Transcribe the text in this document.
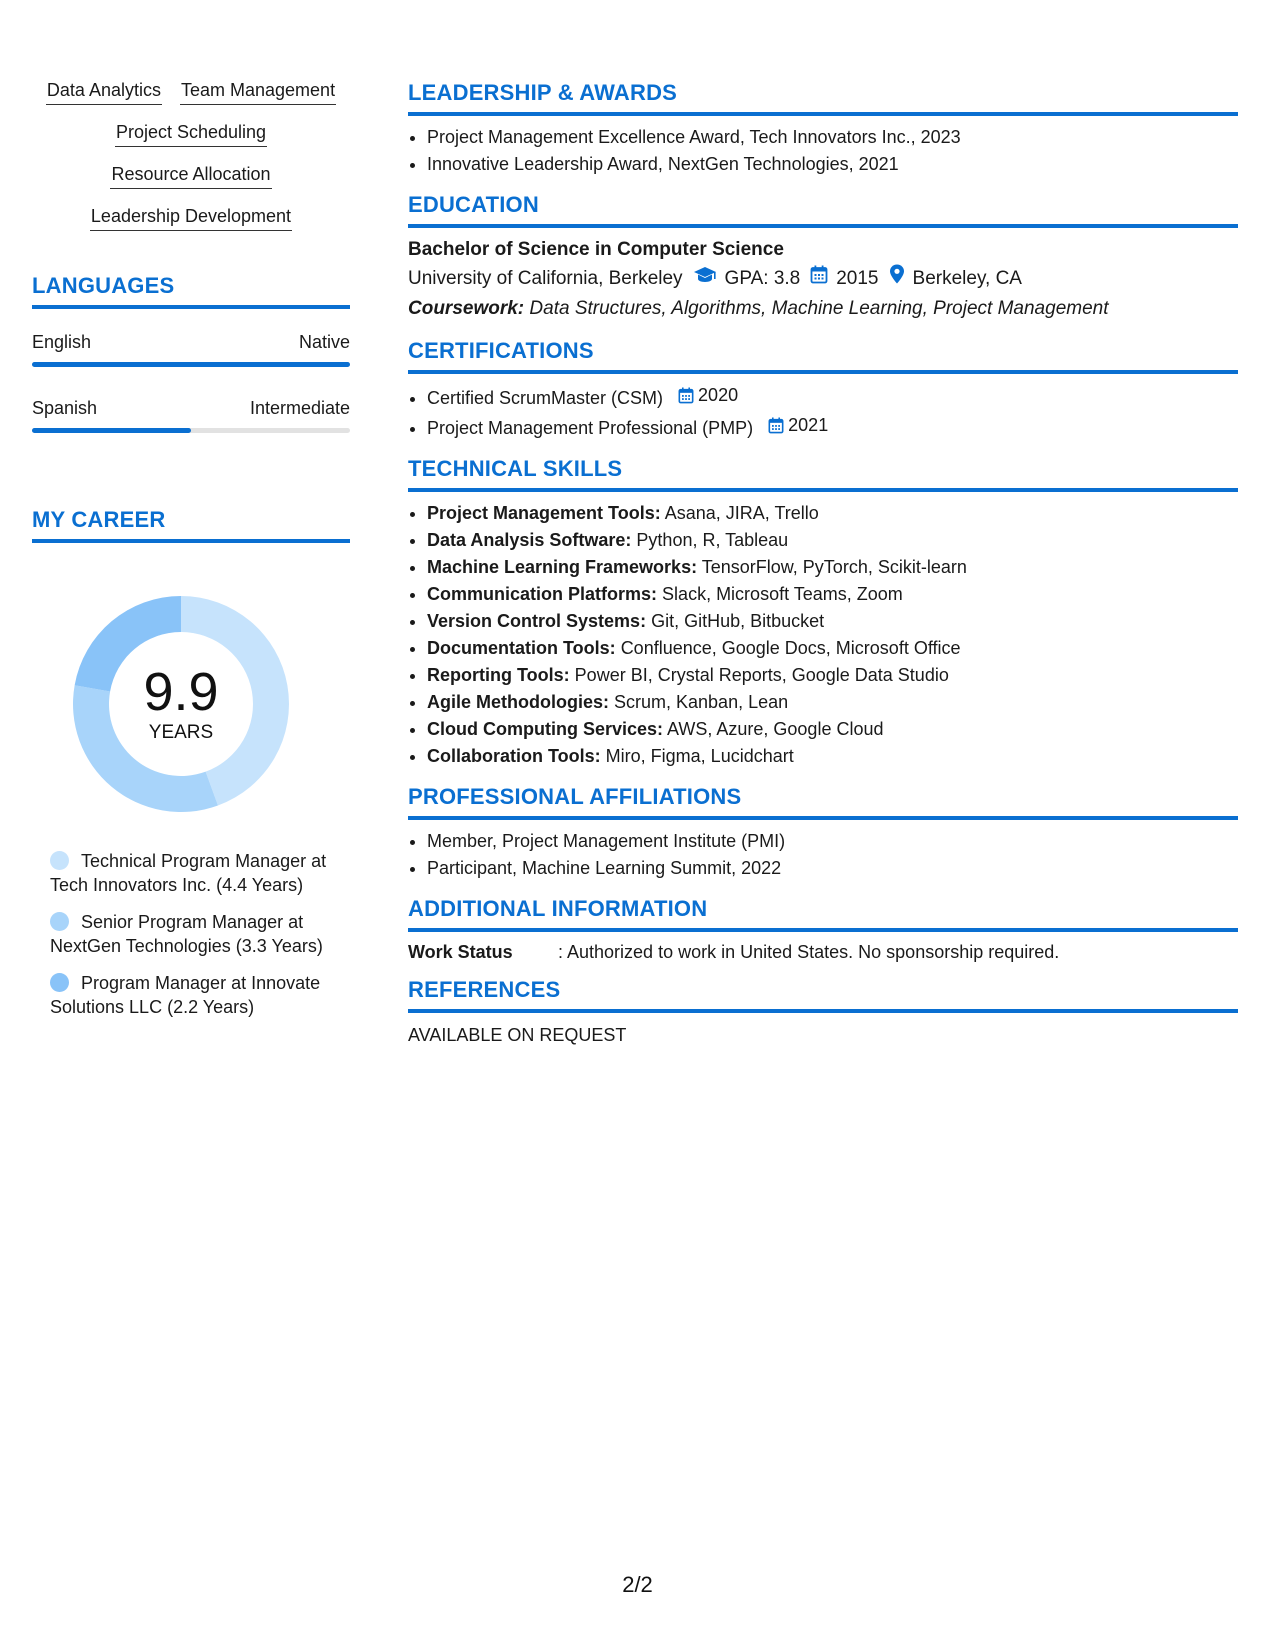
Data Analytics Team Management
Project Scheduling
Resource Allocation
Leadership Development
LANGUAGES
English	Native
Spanish	Intermediate
MY CAREER
9.9
YEARS
Technical Program Manager at Tech Innovators Inc. (4.4 Years)
Senior Program Manager at NextGen Technologies (3.3 Years)
Program Manager at Innovate Solutions LLC (2.2 Years)
LEADERSHIP & AWARDS
• Project Management Excellence Award, Tech Innovators Inc., 2023
• Innovative Leadership Award, NextGen Technologies, 2021
EDUCATION
Bachelor of Science in Computer Science
University of California, Berkeley GPA: 3.8 2015 Berkeley, CA
Coursework: Data Structures, Algorithms, Machine Learning, Project Management
CERTIFICATIONS
• Certified ScrumMaster (CSM) 2020
• Project Management Professional (PMP) 2021
TECHNICAL SKILLS
• Project Management Tools: Asana, JIRA, Trello
• Data Analysis Software: Python, R, Tableau
• Machine Learning Frameworks: TensorFlow, PyTorch, Scikit-learn
• Communication Platforms: Slack, Microsoft Teams, Zoom
• Version Control Systems: Git, GitHub, Bitbucket
• Documentation Tools: Confluence, Google Docs, Microsoft Office
• Reporting Tools: Power BI, Crystal Reports, Google Data Studio
• Agile Methodologies: Scrum, Kanban, Lean
• Cloud Computing Services: AWS, Azure, Google Cloud
• Collaboration Tools: Miro, Figma, Lucidchart
PROFESSIONAL AFFILIATIONS
• Member, Project Management Institute (PMI)
• Participant, Machine Learning Summit, 2022
ADDITIONAL INFORMATION
Work Status	: Authorized to work in United States. No sponsorship required.
REFERENCES
AVAILABLE ON REQUEST
2/2
